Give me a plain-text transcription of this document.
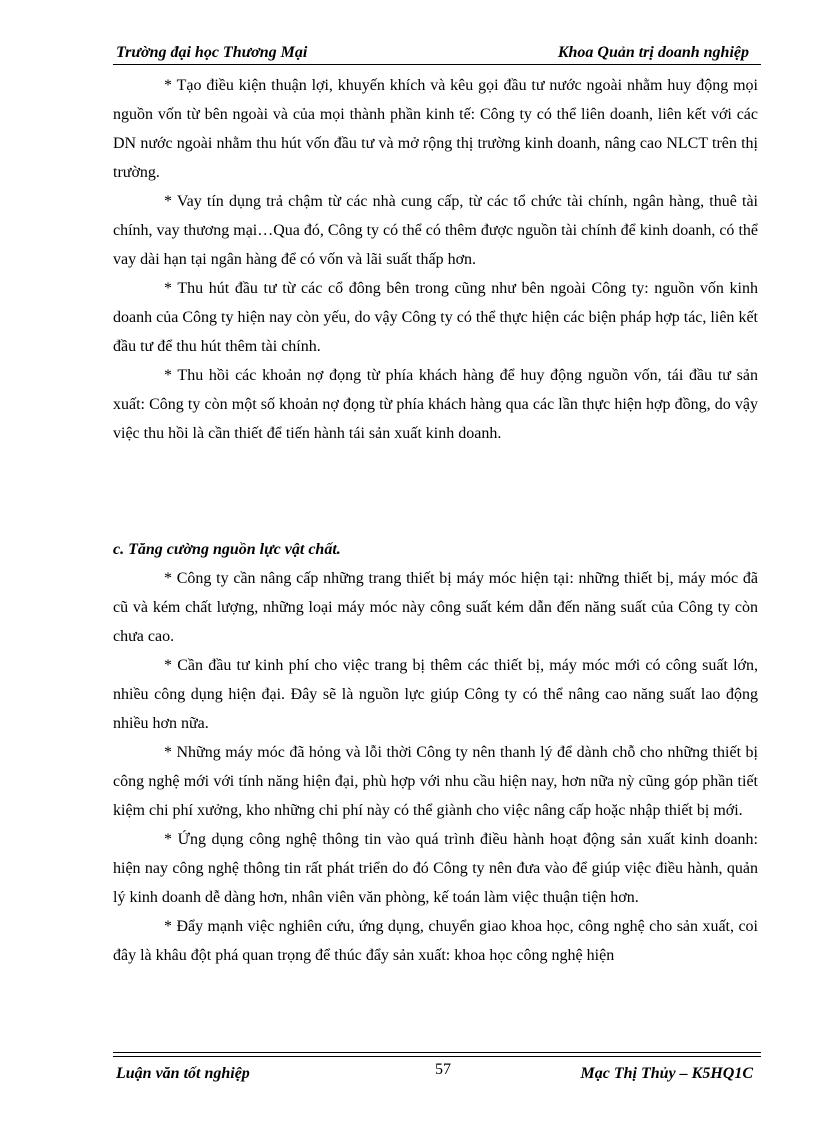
Trường đại học Thương Mại	Khoa Quản trị doanh nghiệp

* Tạo điều kiện thuận lợi, khuyến khích và kêu gọi đầu tư nước ngoài nhằm huy động mọi nguồn vốn từ bên ngoài và của mọi thành phần kinh tế: Công ty có thể liên doanh, liên kết với các DN nước ngoài nhằm thu hút vốn đầu tư và mở rộng thị trường kinh doanh, nâng cao NLCT trên thị trường.

* Vay tín dụng trả chậm từ các nhà cung cấp, từ các tổ chức tài chính, ngân hàng, thuê tài chính, vay thương mại…Qua đó, Công ty có thể có thêm được nguồn tài chính để kinh doanh, có thể vay dài hạn tại ngân hàng để có vốn và lãi suất thấp hơn.

* Thu hút đầu tư từ các cổ đông bên trong cũng như bên ngoài Công ty: nguồn vốn kinh doanh của Công ty hiện nay còn yếu, do vậy Công ty có thể thực hiện các biện pháp hợp tác, liên kết đầu tư để thu hút thêm tài chính.

* Thu hồi các khoản nợ đọng từ phía khách hàng để huy động nguồn vốn, tái đầu tư sản xuất: Công ty còn một số khoản nợ đọng từ phía khách hàng qua các lần thực hiện hợp đồng, do vậy việc thu hồi là cần thiết để tiến hành tái sản xuất kinh doanh.

c. Tăng cường nguồn lực vật chất.

* Công ty cần nâng cấp những trang thiết bị máy móc hiện tại: những thiết bị, máy móc đã cũ và kém chất lượng, những loại máy móc này công suất kém dẫn đến năng suất của Công ty còn chưa cao.

* Cần đầu tư kinh phí cho việc trang bị thêm các thiết bị, máy móc mới có công suất lớn, nhiều công dụng hiện đại. Đây sẽ là nguồn lực giúp Công ty có thể nâng cao năng suất lao động nhiều hơn nữa.

* Những máy móc đã hỏng và lỗi thời Công ty nên thanh lý để dành chỗ cho những thiết bị công nghệ mới với tính năng hiện đại, phù hợp với nhu cầu hiện nay, hơn nữa nỳ cũng góp phần tiết kiệm chi phí xưởng, kho những chi phí này có thể giành cho việc nâng cấp hoặc nhập thiết bị mới.

* Ứng dụng công nghệ thông tin vào quá trình điều hành hoạt động sản xuất kinh doanh: hiện nay công nghệ thông tin rất phát triển do đó Công ty nên đưa vào để giúp việc điều hành, quản lý kinh doanh dễ dàng hơn, nhân viên văn phòng, kế toán làm việc thuận tiện hơn.

* Đẩy mạnh việc nghiên cứu, ứng dụng, chuyển giao khoa học, công nghệ cho sản xuất, coi đây là khâu đột phá quan trọng để thúc đẩy sản xuất: khoa học công nghệ hiện

Luận văn tốt nghiệp	57	Mạc Thị Thủy – K5HQ1C
